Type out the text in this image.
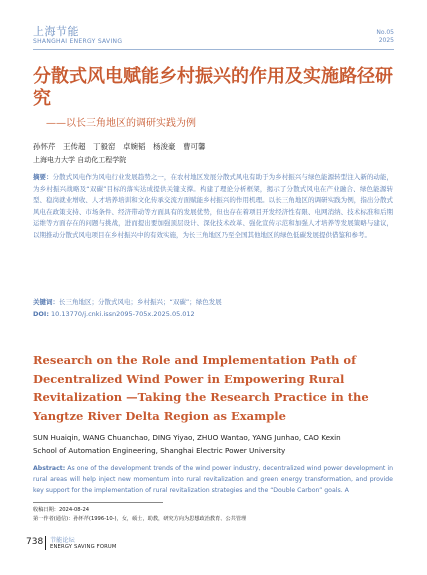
上海节能
SHANGHAI ENERGY SAVING
No.05
2025
分散式风电赋能乡村振兴的作用及实施路径研究
——以长三角地区的调研实践为例
孙怀芹　王传超　丁毅窑　卓婉韬　杨浚豪　曹可馨
上海电力大学 自动化工程学院
摘要：分散式风电作为风电行业发展趋势之一，在农村地区发展分散式风电有助于为乡村振兴与绿色能源转型注入新的动能，为乡村振兴战略及“双碳”目标的落实达成提供关键支撑。构建了理论分析框架，揭示了分散式风电在产业融合、绿色能源转型、稳岗就业增收、人才培养培训和文化传承交流方面赋能乡村振兴的作用机理。以长三角地区的调研实践为例，指出分散式风电在政策支持、市场条件、经济带动等方面具有的发展优势，但也存在着项目开发经济性有限、电网消纳、技术标准和后期运维等方面存在的问题与挑战，进而提出要加强顶层设计、深化技术改革、强化宣传示范和加强人才培养等发展策略与建议，以期推动分散式风电项目在乡村振兴中的有效实施，为长三角地区乃至全国其他地区的绿色低碳发展提供借鉴和参考。
关键词：长三角地区；分散式风电；乡村振兴；“双碳”；绿色发展
DOI: 10.13770/j.cnki.issn2095-705x.2025.05.012
Research on the Role and Implementation Path of Decentralized Wind Power in Empowering Rural Revitalization —Taking the Research Practice in the Yangtze River Delta Region as Example
SUN Huaiqin, WANG Chuanchao, DING Yiyao, ZHUO Wantao, YANG Junhao, CAO Kexin
School of Automation Engineering, Shanghai Electric Power University
Abstract: As one of the development trends of the wind power industry, decentralized wind power development in rural areas will help inject new momentum into rural revitalization and green energy transformation, and provide key support for the implementation of rural revitalization strategies and the “Double Carbon” goals. A
收稿日期：2024-08-24
第一作者(通信)：孙怀芹(1996-10-)，女，硕士，助教，研究方向为思想政治教育、公共管理
738 节能论坛
ENERGY SAVING FORUM
